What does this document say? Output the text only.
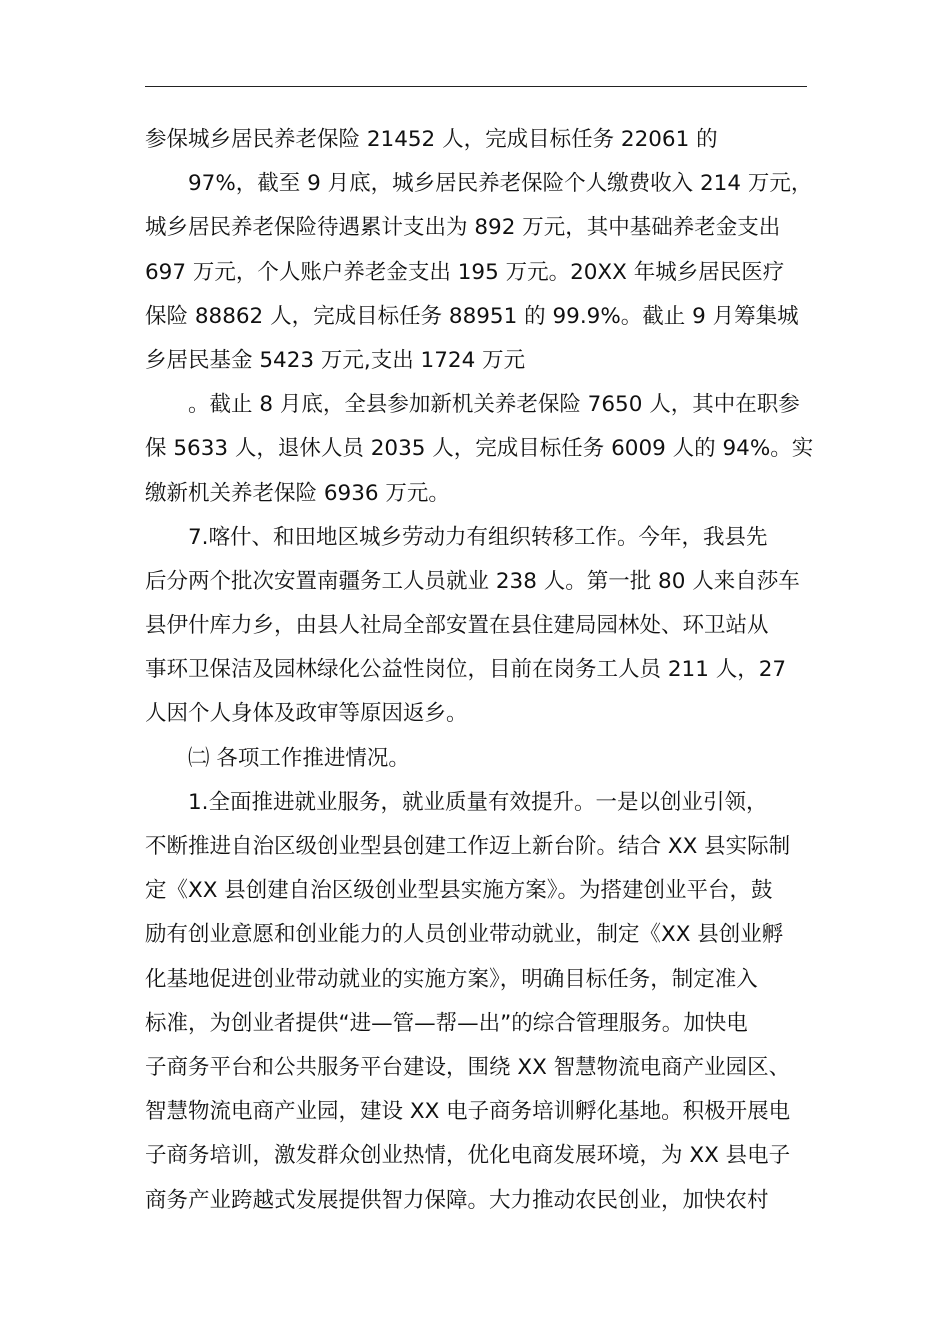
参保城乡居民养老保险 21452 人，完成目标任务 22061 的
97%，截至 9 月底，城乡居民养老保险个人缴费收入 214 万元，
城乡居民养老保险待遇累计支出为 892 万元，其中基础养老金支出
697 万元，个人账户养老金支出 195 万元。20XX 年城乡居民医疗
保险 88862 人，完成目标任务 88951 的 99.9%。截止 9 月筹集城
乡居民基金 5423 万元,支出 1724 万元
。截止 8 月底，全县参加新机关养老保险 7650 人，其中在职参
保 5633 人，退休人员 2035 人，完成目标任务 6009 人的 94%。实
缴新机关养老保险 6936 万元。
7.喀什、和田地区城乡劳动力有组织转移工作。今年，我县先
后分两个批次安置南疆务工人员就业 238 人。第一批 80 人来自莎车
县伊什库力乡，由县人社局全部安置在县住建局园林处、环卫站从
事环卫保洁及园林绿化公益性岗位，目前在岗务工人员 211 人，27
人因个人身体及政审等原因返乡。
㈡ 各项工作推进情况。
1.全面推进就业服务，就业质量有效提升。一是以创业引领，
不断推进自治区级创业型县创建工作迈上新台阶。结合 XX 县实际制
定《XX 县创建自治区级创业型县实施方案》。为搭建创业平台，鼓
励有创业意愿和创业能力的人员创业带动就业，制定《XX 县创业孵
化基地促进创业带动就业的实施方案》，明确目标任务，制定准入
标准，为创业者提供“进—管—帮—出”的综合管理服务。加快电
子商务平台和公共服务平台建设，围绕 XX 智慧物流电商产业园区、
智慧物流电商产业园，建设 XX 电子商务培训孵化基地。积极开展电
子商务培训，激发群众创业热情，优化电商发展环境，为 XX 县电子
商务产业跨越式发展提供智力保障。大力推动农民创业，加快农村
